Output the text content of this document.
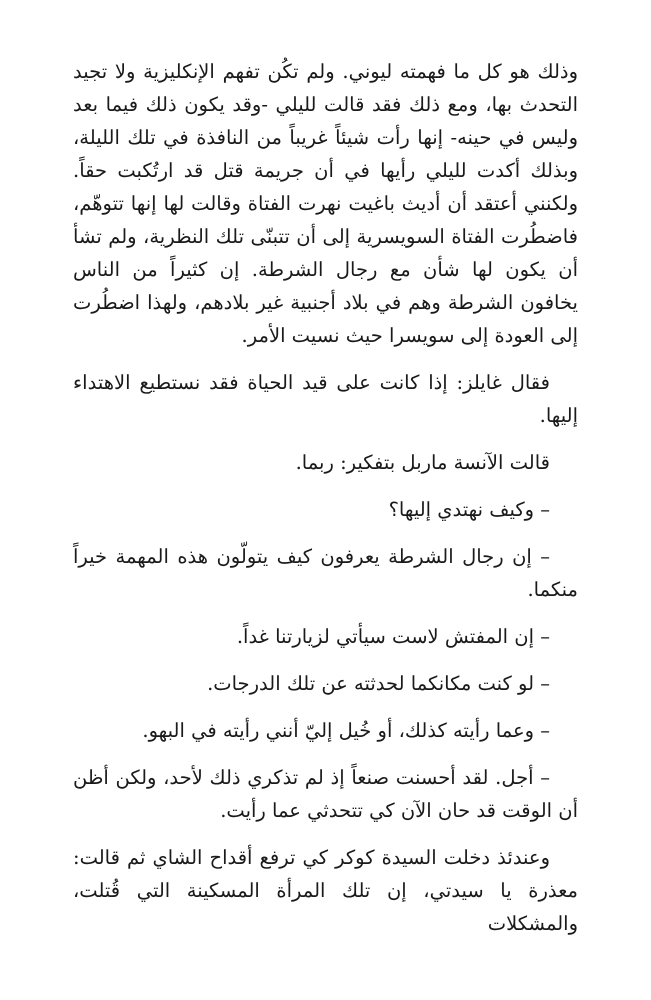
وذلك هو كل ما فهمته ليوني. ولم تكُن تفهم الإنكليزية ولا تجيد التحدث بها، ومع ذلك فقد قالت لليلي -وقد يكون ذلك فيما بعد وليس في حينه- إنها رأت شيئاً غريباً من النافذة في تلك الليلة، وبذلك أكدت لليلي رأيها في أن جريمة قتل قد ارتُكبت حقاً. ولكنني أعتقد أن أديث باغيت نهرت الفتاة وقالت لها إنها تتوهّم، فاضطُرت الفتاة السويسرية إلى أن تتبنّى تلك النظرية، ولم تشأ أن يكون لها شأن مع رجال الشرطة. إن كثيراً من الناس يخافون الشرطة وهم في بلاد أجنبية غير بلادهم، ولهذا اضطُرت إلى العودة إلى سويسرا حيث نسيت الأمر.

فقال غايلز: إذا كانت على قيد الحياة فقد نستطيع الاهتداء إليها.

قالت الآنسة ماربل بتفكير: ربما.

– وكيف نهتدي إليها؟

– إن رجال الشرطة يعرفون كيف يتولّون هذه المهمة خيراً منكما.

– إن المفتش لاست سيأتي لزيارتنا غداً.

– لو كنت مكانكما لحدثته عن تلك الدرجات.

– وعما رأيته كذلك، أو خُيل إليّ أنني رأيته في البهو.

– أجل. لقد أحسنت صنعاً إذ لم تذكري ذلك لأحد، ولكن أظن أن الوقت قد حان الآن كي تتحدثي عما رأيت.

وعندئذ دخلت السيدة كوكر كي ترفع أقداح الشاي ثم قالت: معذرة يا سيدتي، إن تلك المرأة المسكينة التي قُتلت، والمشكلات
